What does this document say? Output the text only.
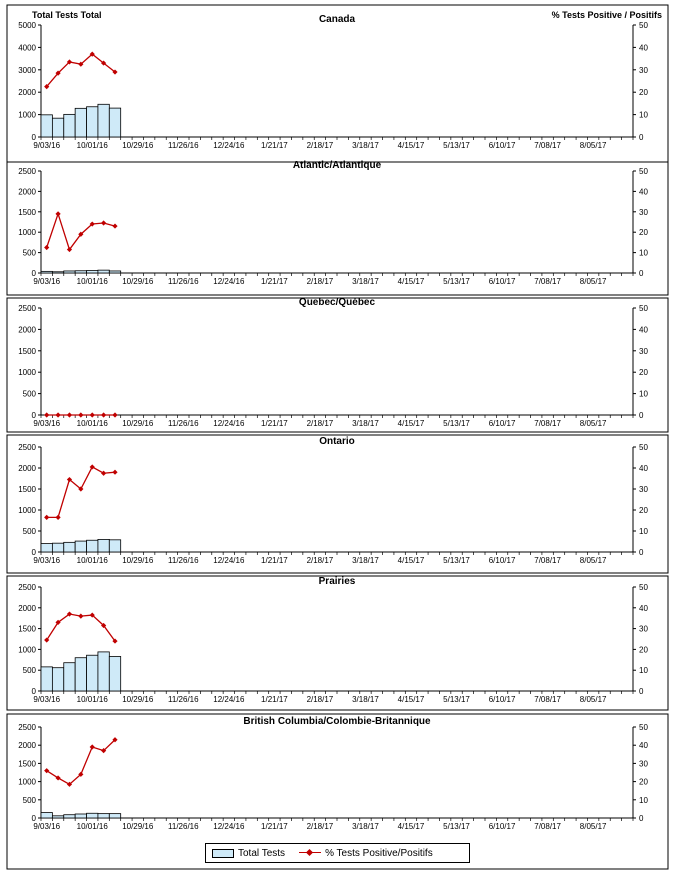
Canada
0
1000
2000
3000
4000
5000
0
10
20
30
40
50
9/03/16 10/01/16 10/29/16 11/26/16 12/24/16 1/21/17 2/18/17 3/18/17 4/15/17 5/13/17 6/10/17 7/08/17 8/05/17
Atlantic/Atlantique
0
500
1000
1500
2000
2500
0
10
20
30
40
50
9/03/16 10/01/16 10/29/16 11/26/16 12/24/16 1/21/17 2/18/17 3/18/17 4/15/17 5/13/17 6/10/17 7/08/17 8/05/17
Quebec/Québec
0
500
1000
1500
2000
2500
0
10
20
30
40
50
9/03/16 10/01/16 10/29/16 11/26/16 12/24/16 1/21/17 2/18/17 3/18/17 4/15/17 5/13/17 6/10/17 7/08/17 8/05/17
Ontario
0
500
1000
1500
2000
2500
0
10
20
30
40
50
9/03/16 10/01/16 10/29/16 11/26/16 12/24/16 1/21/17 2/18/17 3/18/17 4/15/17 5/13/17 6/10/17 7/08/17 8/05/17
Prairies
0
500
1000
1500
2000
2500
0
10
20
30
40
50
9/03/16 10/01/16 10/29/16 11/26/16 12/24/16 1/21/17 2/18/17 3/18/17 4/15/17 5/13/17 6/10/17 7/08/17 8/05/17
British Columbia/Colombie-Britannique
0
500
1000
1500
2000
2500
0
10
20
30
40
50
9/03/16 10/01/16 10/29/16 11/26/16 12/24/16 1/21/17 2/18/17 3/18/17 4/15/17 5/13/17 6/10/17 7/08/17 8/05/17
Total Tests Total	% Tests Positive / Positifs
Total Tests	% Tests Positive/Positifs
